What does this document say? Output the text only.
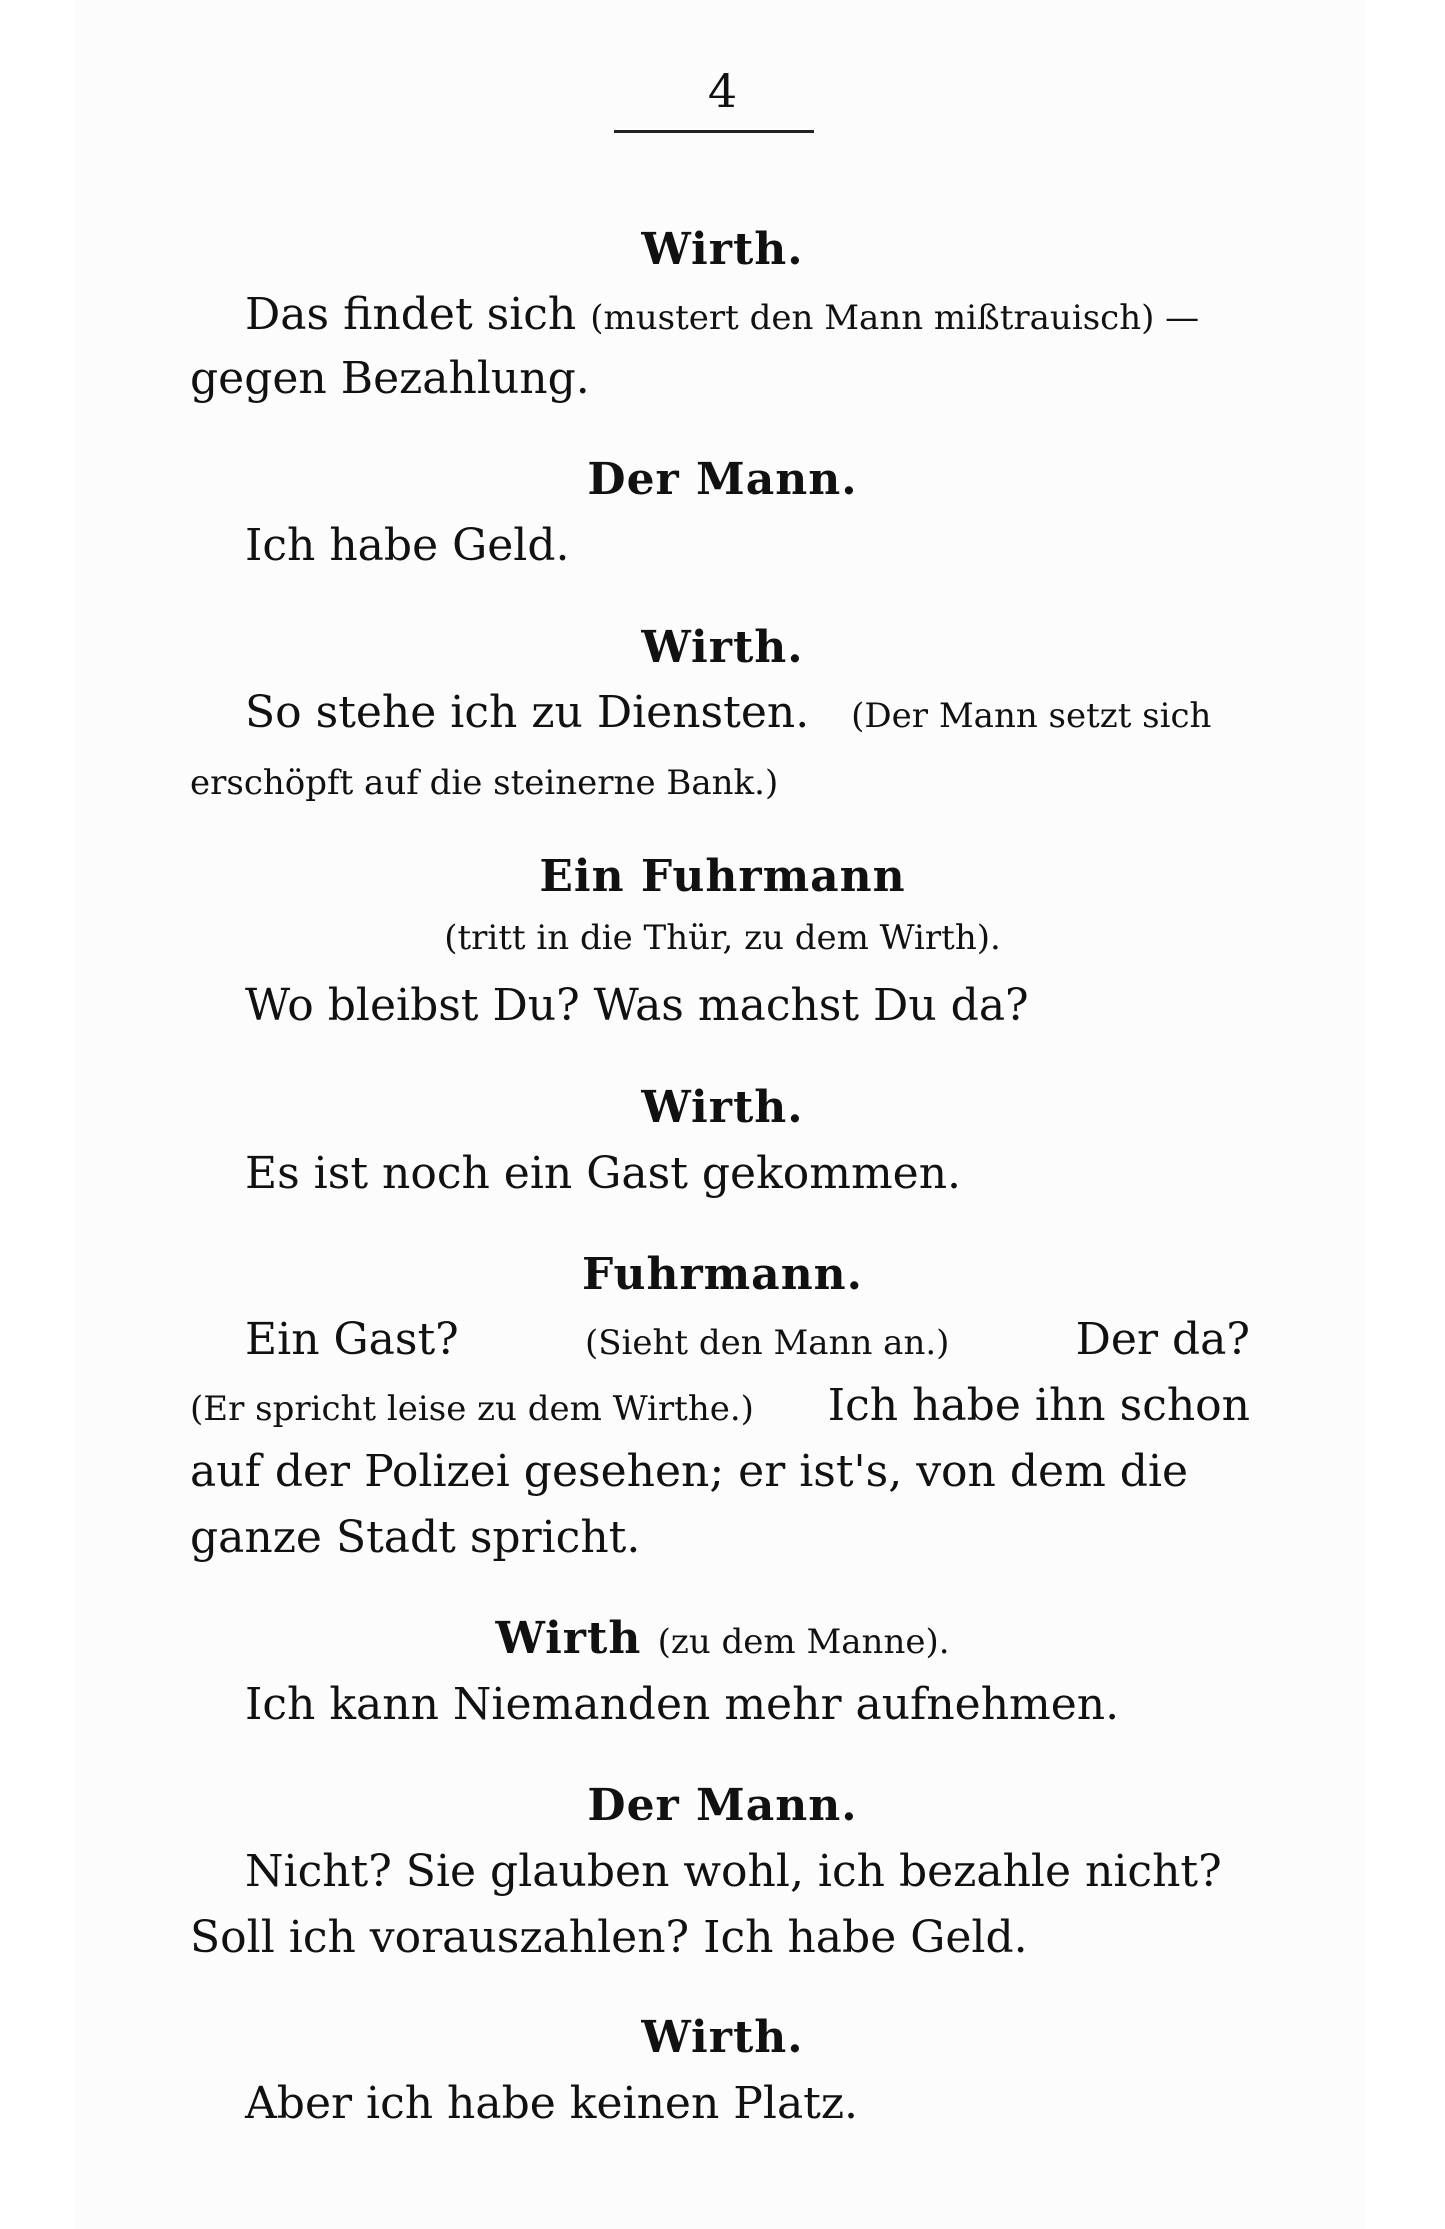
4
Wirth.
Das findet sich (mustert den Mann mißtrauisch) —
gegen Bezahlung.
Der Mann.
Ich habe Geld.
Wirth.
So stehe ich zu Diensten. (Der Mann setzt sich
erschöpft auf die steinerne Bank.)
Ein Fuhrmann
(tritt in die Thür, zu dem Wirth).
Wo bleibst Du? Was machst Du da?
Wirth.
Es ist noch ein Gast gekommen.
Fuhrmann.
Ein Gast?	(Sieht den Mann an.)	Der da?
(Er spricht leise zu dem Wirthe.) Ich habe ihn schon
auf der Polizei gesehen; er ist's, von dem die
ganze Stadt spricht.
Wirth (zu dem Manne).
Ich kann Niemanden mehr aufnehmen.
Der Mann.
Nicht? Sie glauben wohl, ich bezahle nicht?
Soll ich vorauszahlen? Ich habe Geld.
Wirth.
Aber ich habe keinen Platz.
